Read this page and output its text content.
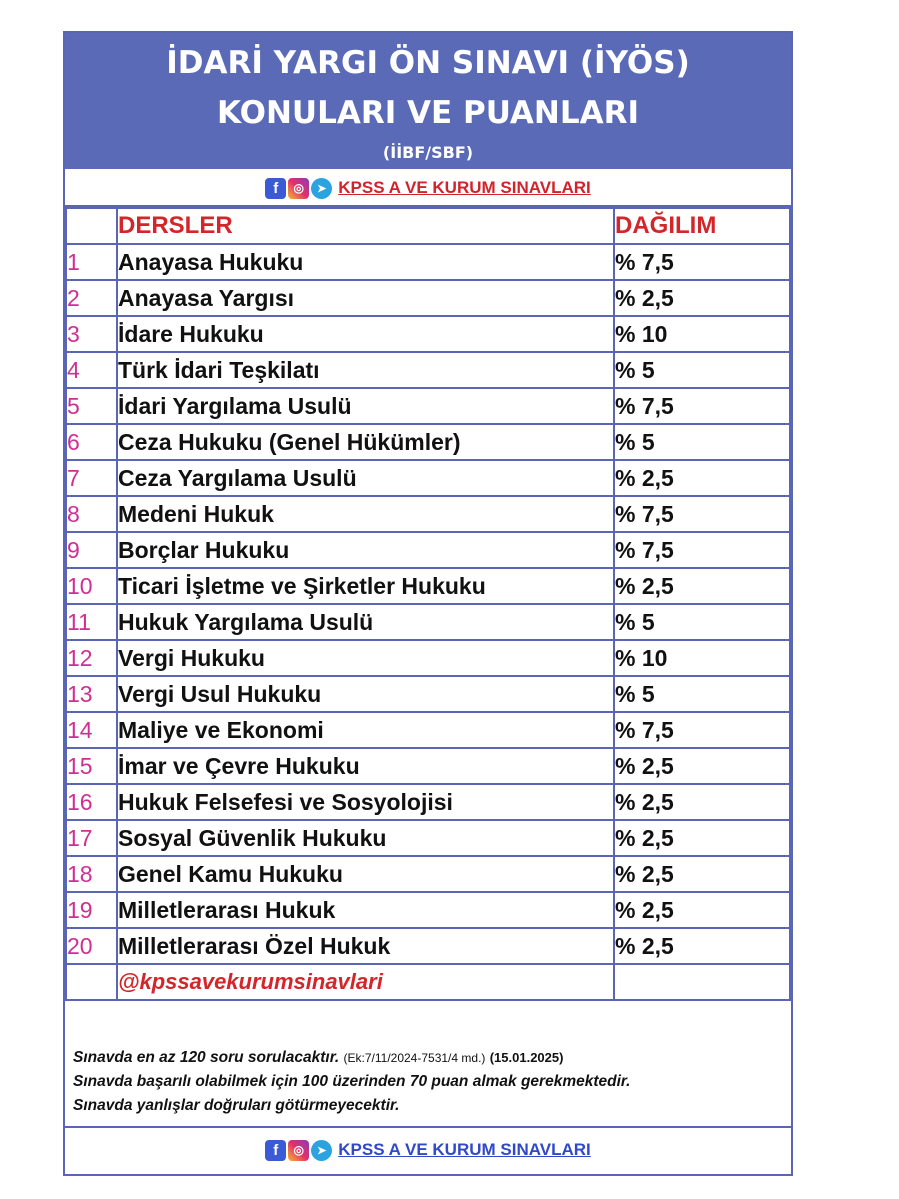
İDARİ YARGI ÖN SINAVI (İYÖS)
KONULARI VE PUANLARI
(İİBF/SBF)
f	◎	➤ KPSS A VE KURUM SINAVLARI
	DERSLER	DAĞILIM
1	Anayasa Hukuku	% 7,5
2	Anayasa Yargısı	% 2,5
3	İdare Hukuku	% 10
4	Türk İdari Teşkilatı	% 5
5	İdari Yargılama Usulü	% 7,5
6	Ceza Hukuku (Genel Hükümler)	% 5
7	Ceza Yargılama Usulü	% 2,5
8	Medeni Hukuk	% 7,5
9	Borçlar Hukuku	% 7,5
10	Ticari İşletme ve Şirketler Hukuku	% 2,5
11	Hukuk Yargılama Usulü	% 5
12	Vergi Hukuku	% 10
13	Vergi Usul Hukuku	% 5
14	Maliye ve Ekonomi	% 7,5
15	İmar ve Çevre Hukuku	% 2,5
16	Hukuk Felsefesi ve Sosyolojisi	% 2,5
17	Sosyal Güvenlik Hukuku	% 2,5
18	Genel Kamu Hukuku	% 2,5
19	Milletlerarası Hukuk	% 2,5
20	Milletlerarası Özel Hukuk	% 2,5
	@kpssavekurumsinavlari	
Sınavda en az 120 soru sorulacaktır. (Ek:7/11/2024-7531/4 md.) (15.01.2025)
Sınavda başarılı olabilmek için 100 üzerinden 70 puan almak gerekmektedir.
Sınavda yanlışlar doğruları götürmeyecektir.
f	◎	➤ KPSS A VE KURUM SINAVLARI
